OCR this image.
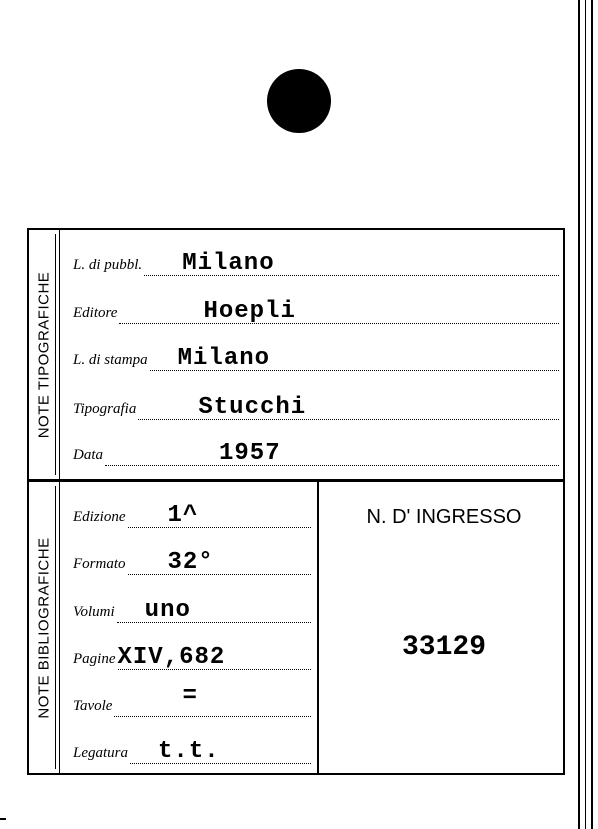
NOTE TIPOGRAFICHE
L. di pubbl. Milano
Editore	Hoepli
L. di stampa Milano
Tipografia	Stucchi
Data	1957
NOTE BIBLIOGRAFICHE
Edizione 1^
Formato 32°
Volumi uno
Pagine XIV,682
Tavole	=
Legatura t.t.
N. D' INGRESSO
33129
